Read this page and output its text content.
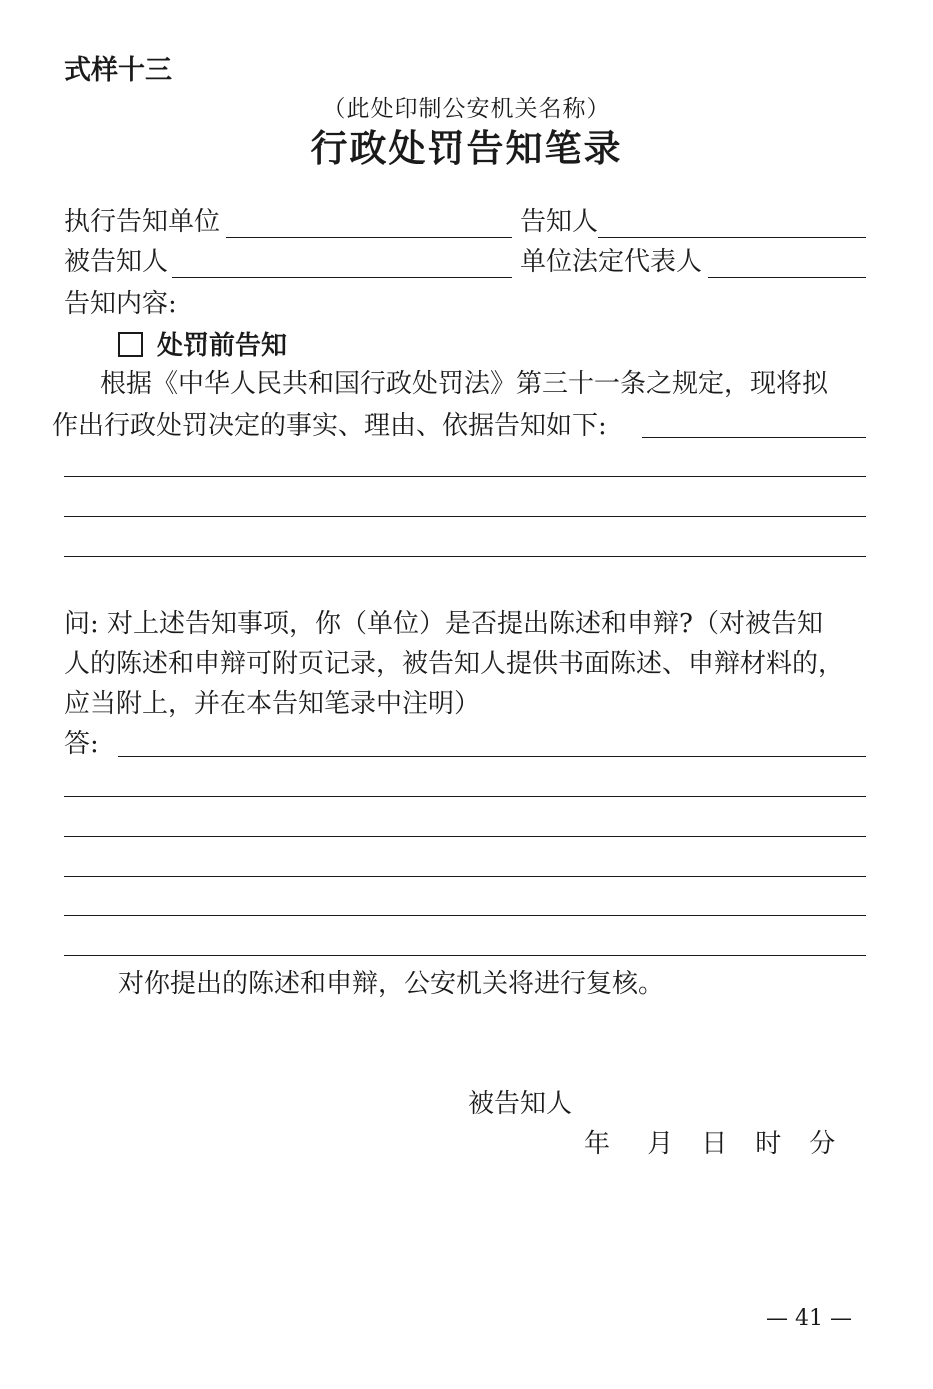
式样十三
（此处印制公安机关名称）
行政处罚告知笔录
执行告知单位	告知人
被告知人	单位法定代表人
告知内容:
处罚前告知
根据《中华人民共和国行政处罚法》第三十一条之规定，现将拟
作出行政处罚决定的事实、理由、依据告知如下:
问: 对上述告知事项，你（单位）是否提出陈述和申辩?（对被告知
人的陈述和申辩可附页记录，被告知人提供书面陈述、申辩材料的，
应当附上，并在本告知笔录中注明）
答:
对你提出的陈述和申辩，公安机关将进行复核。
被告知人
年　 月　日　时　分
— 41 —
